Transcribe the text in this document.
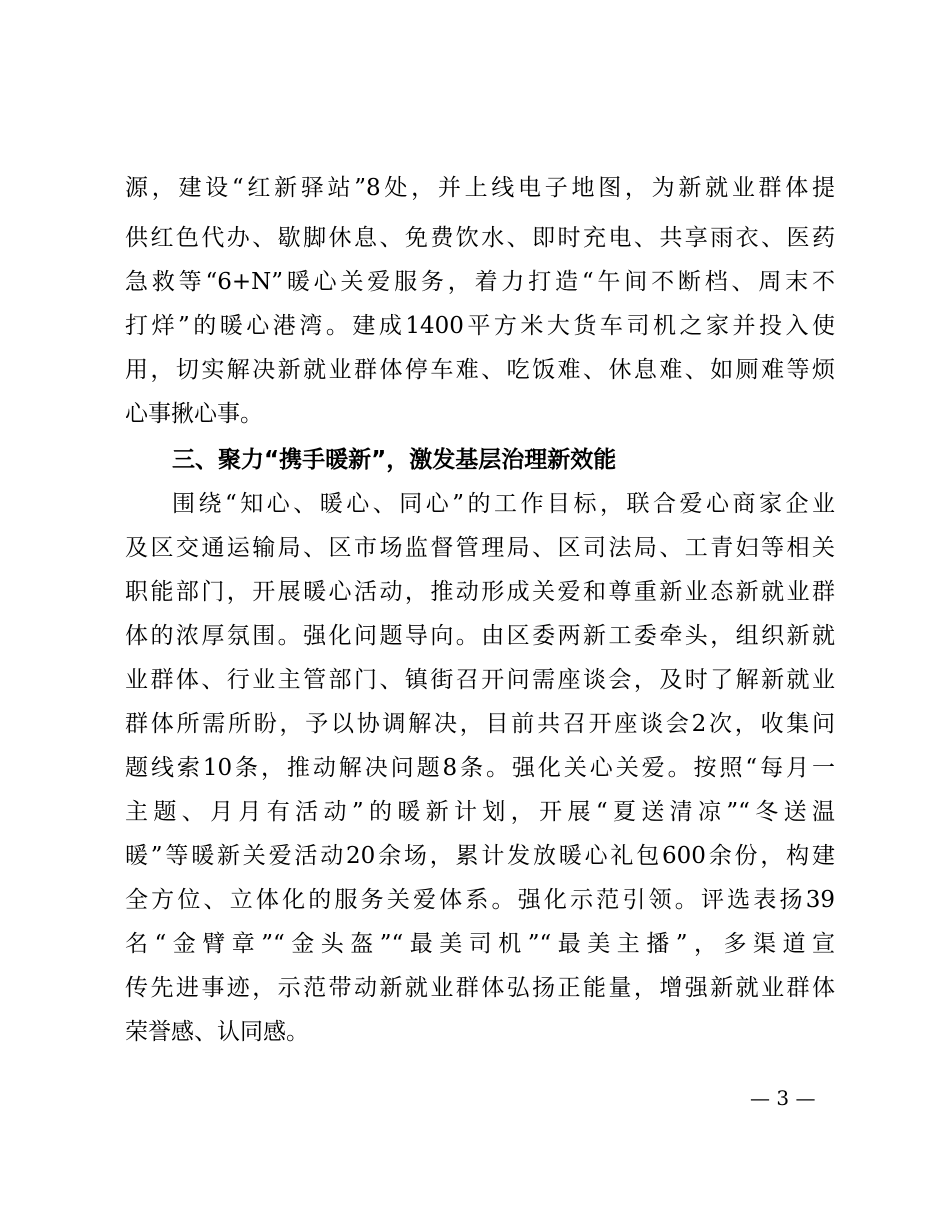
源，建设“红新驿站”8处，并上线电子地图，为新就业群体提
供红色代办、歇脚休息、免费饮水、即时充电、共享雨衣、医药
急救等“6+N”暖心关爱服务，着力打造“午间不断档、周末不
打烊”的暖心港湾。建成1400平方米大货车司机之家并投入使
用，切实解决新就业群体停车难、吃饭难、休息难、如厕难等烦
心事揪心事。
三、聚力“携手暖新”，激发基层治理新效能
围绕“知心、暖心、同心”的工作目标，联合爱心商家企业
及区交通运输局、区市场监督管理局、区司法局、工青妇等相关
职能部门，开展暖心活动，推动形成关爱和尊重新业态新就业群
体的浓厚氛围。强化问题导向。由区委两新工委牵头，组织新就
业群体、行业主管部门、镇街召开问需座谈会，及时了解新就业
群体所需所盼，予以协调解决，目前共召开座谈会2次，收集问
题线索10条，推动解决问题8条。强化关心关爱。按照“每月一
主题、月月有活动”的暖新计划，开展“夏送清凉”“冬送温
暖”等暖新关爱活动20余场，累计发放暖心礼包600余份，构建
全方位、立体化的服务关爱体系。强化示范引领。评选表扬39
名“金臂章”“金头盔”“最美司机”“最美主播”，多渠道宣
传先进事迹，示范带动新就业群体弘扬正能量，增强新就业群体
荣誉感、认同感。
— 3 —
